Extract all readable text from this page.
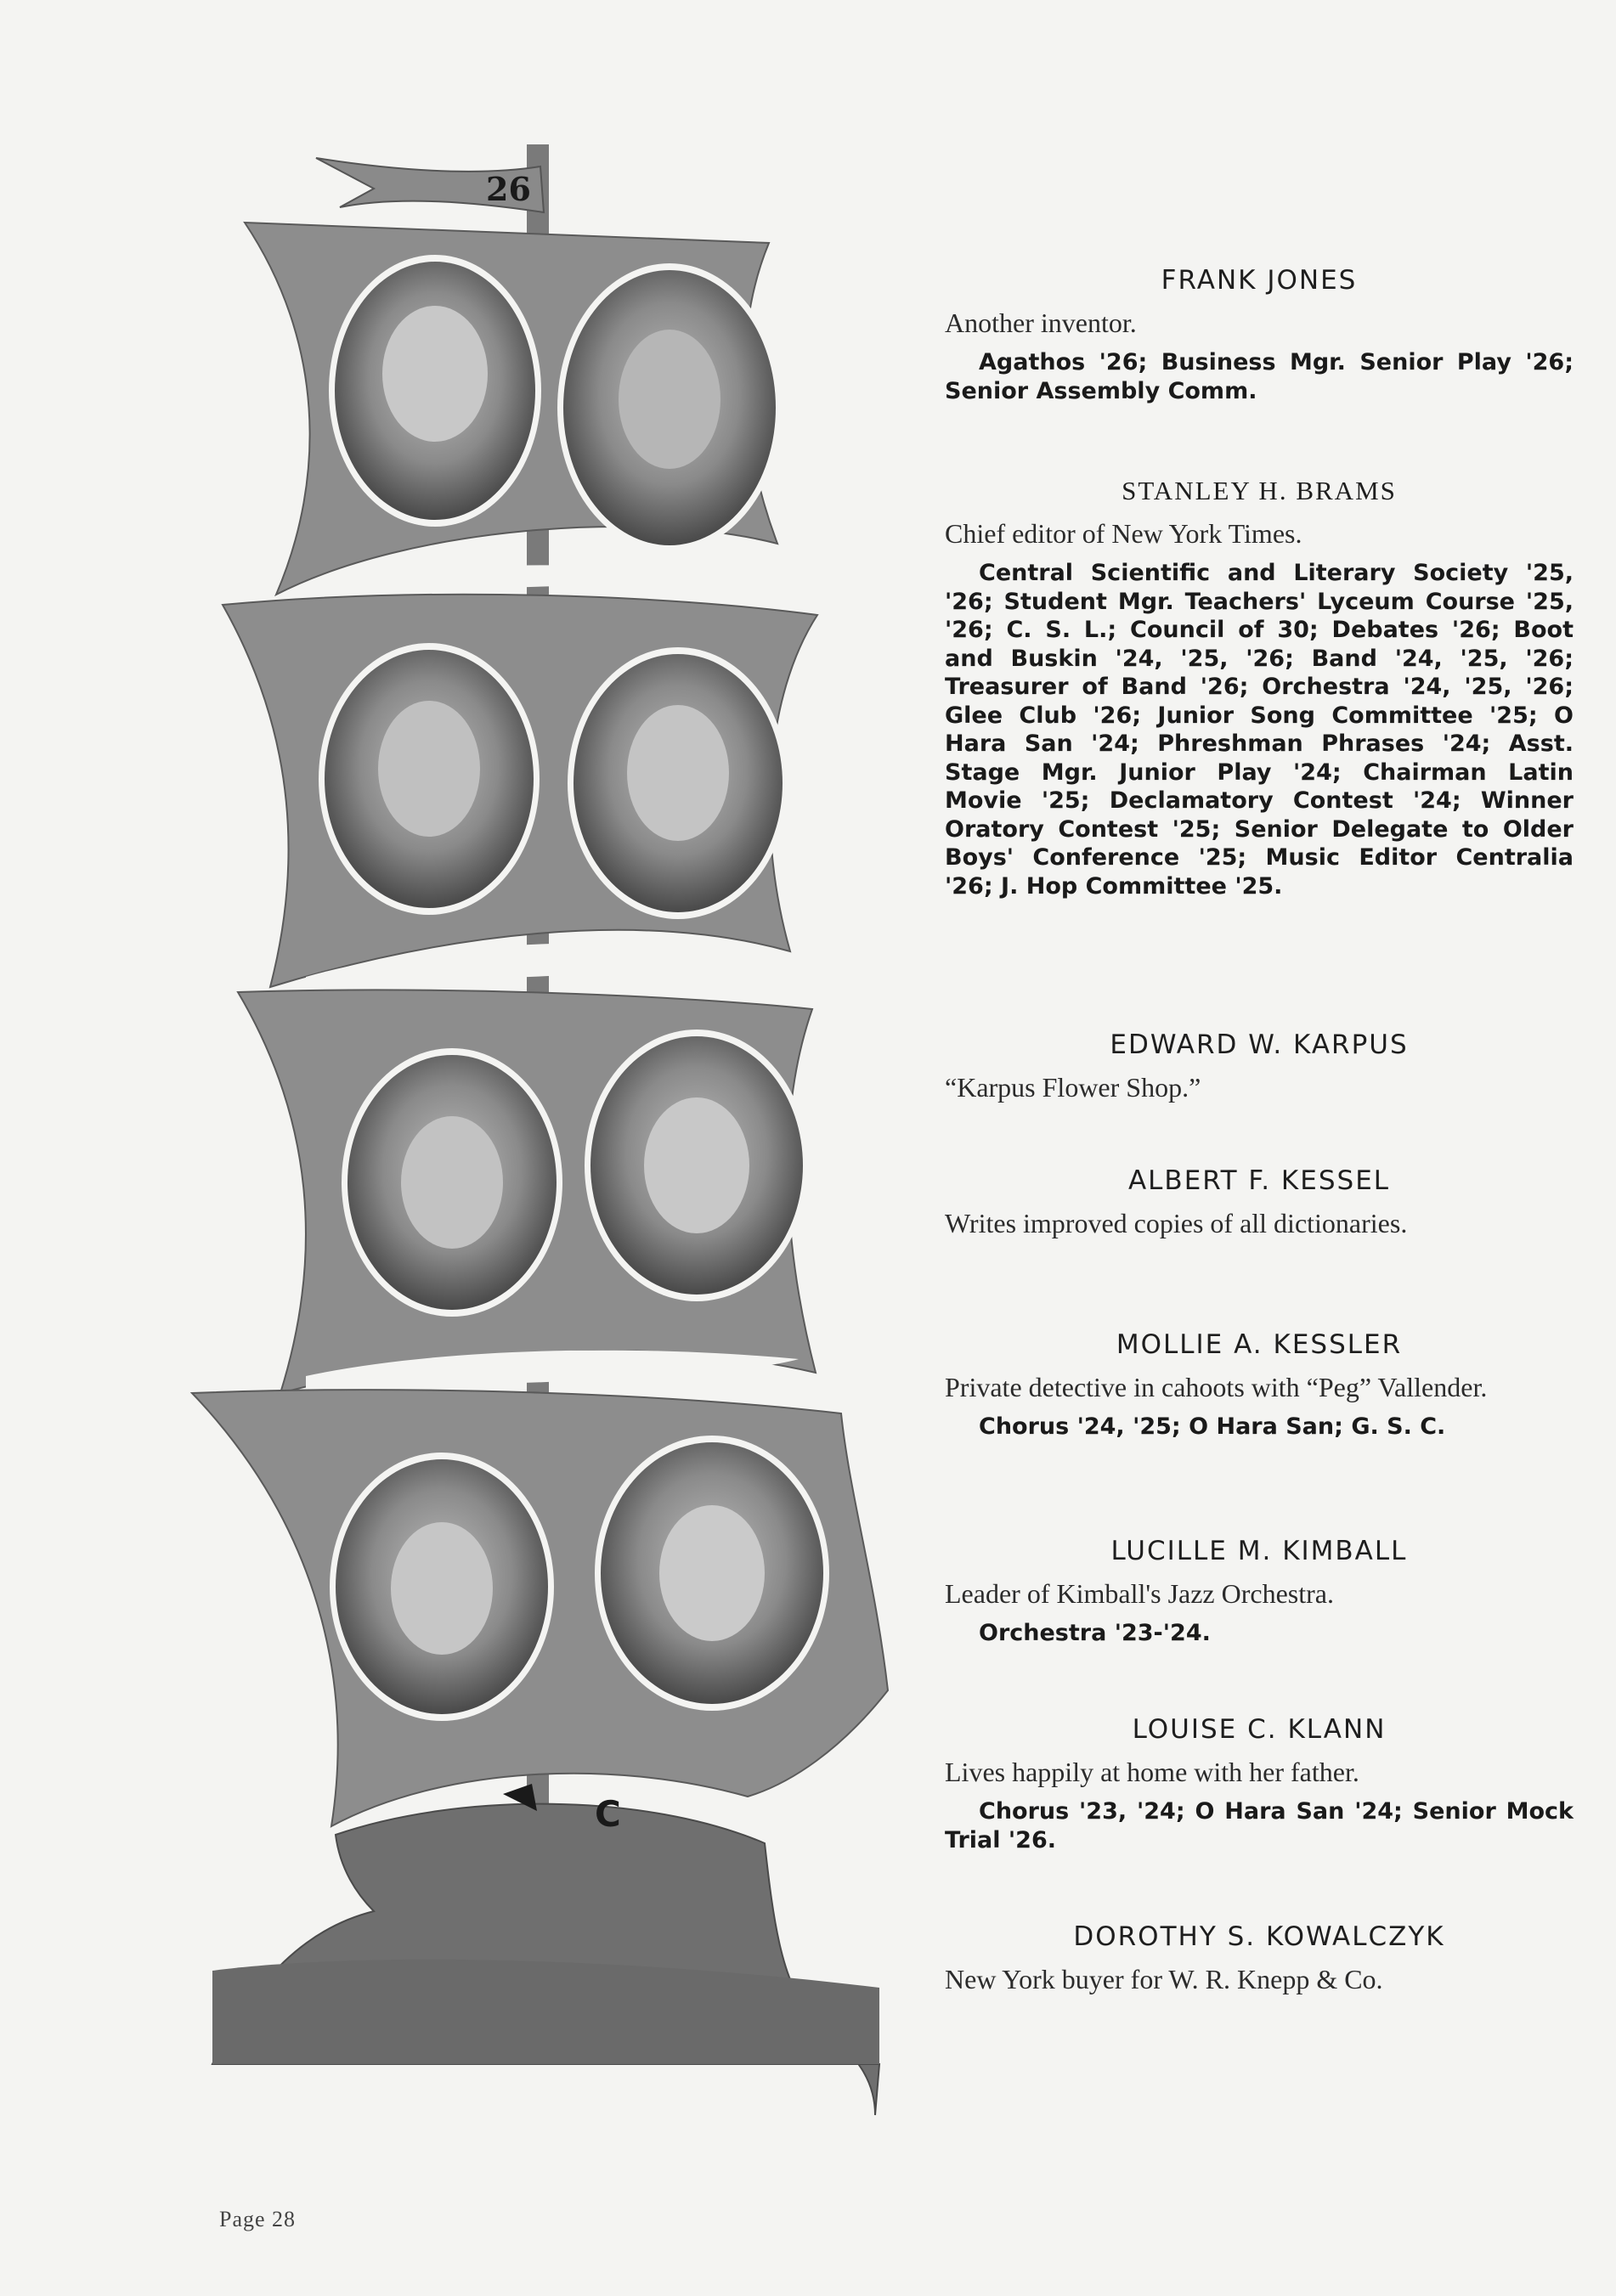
26
C
FRANK JONES

Another inventor.

Agathos '26; Business Mgr. Senior Play '26; Senior Assembly Comm.

STANLEY H. BRAMS

Chief editor of New York Times.

Central Scientific and Literary Society '25, '26; Student Mgr. Teachers' Lyceum Course '25, '26; C. S. L.; Council of 30; Debates '26; Boot and Buskin '24, '25, '26; Band '24, '25, '26; Treasurer of Band '26; Orchestra '24, '25, '26; Glee Club '26; Junior Song Committee '25; O Hara San '24; Phreshman Phrases '24; Asst. Stage Mgr. Junior Play '24; Chairman Latin Movie '25; Declamatory Contest '24; Winner Oratory Contest '25; Senior Delegate to Older Boys' Conference '25; Music Editor Centralia '26; J. Hop Committee '25.

EDWARD W. KARPUS

“Karpus Flower Shop.”

ALBERT F. KESSEL

Writes improved copies of all dictionaries.

MOLLIE A. KESSLER

Private detective in cahoots with “Peg” Vallender.

Chorus '24, '25; O Hara San; G. S. C.

LUCILLE M. KIMBALL

Leader of Kimball's Jazz Orchestra.

Orchestra '23-'24.

LOUISE C. KLANN

Lives happily at home with her father.

Chorus '23, '24; O Hara San '24; Senior Mock Trial '26.

DOROTHY S. KOWALCZYK

New York buyer for W. R. Knepp & Co.

Page 28
